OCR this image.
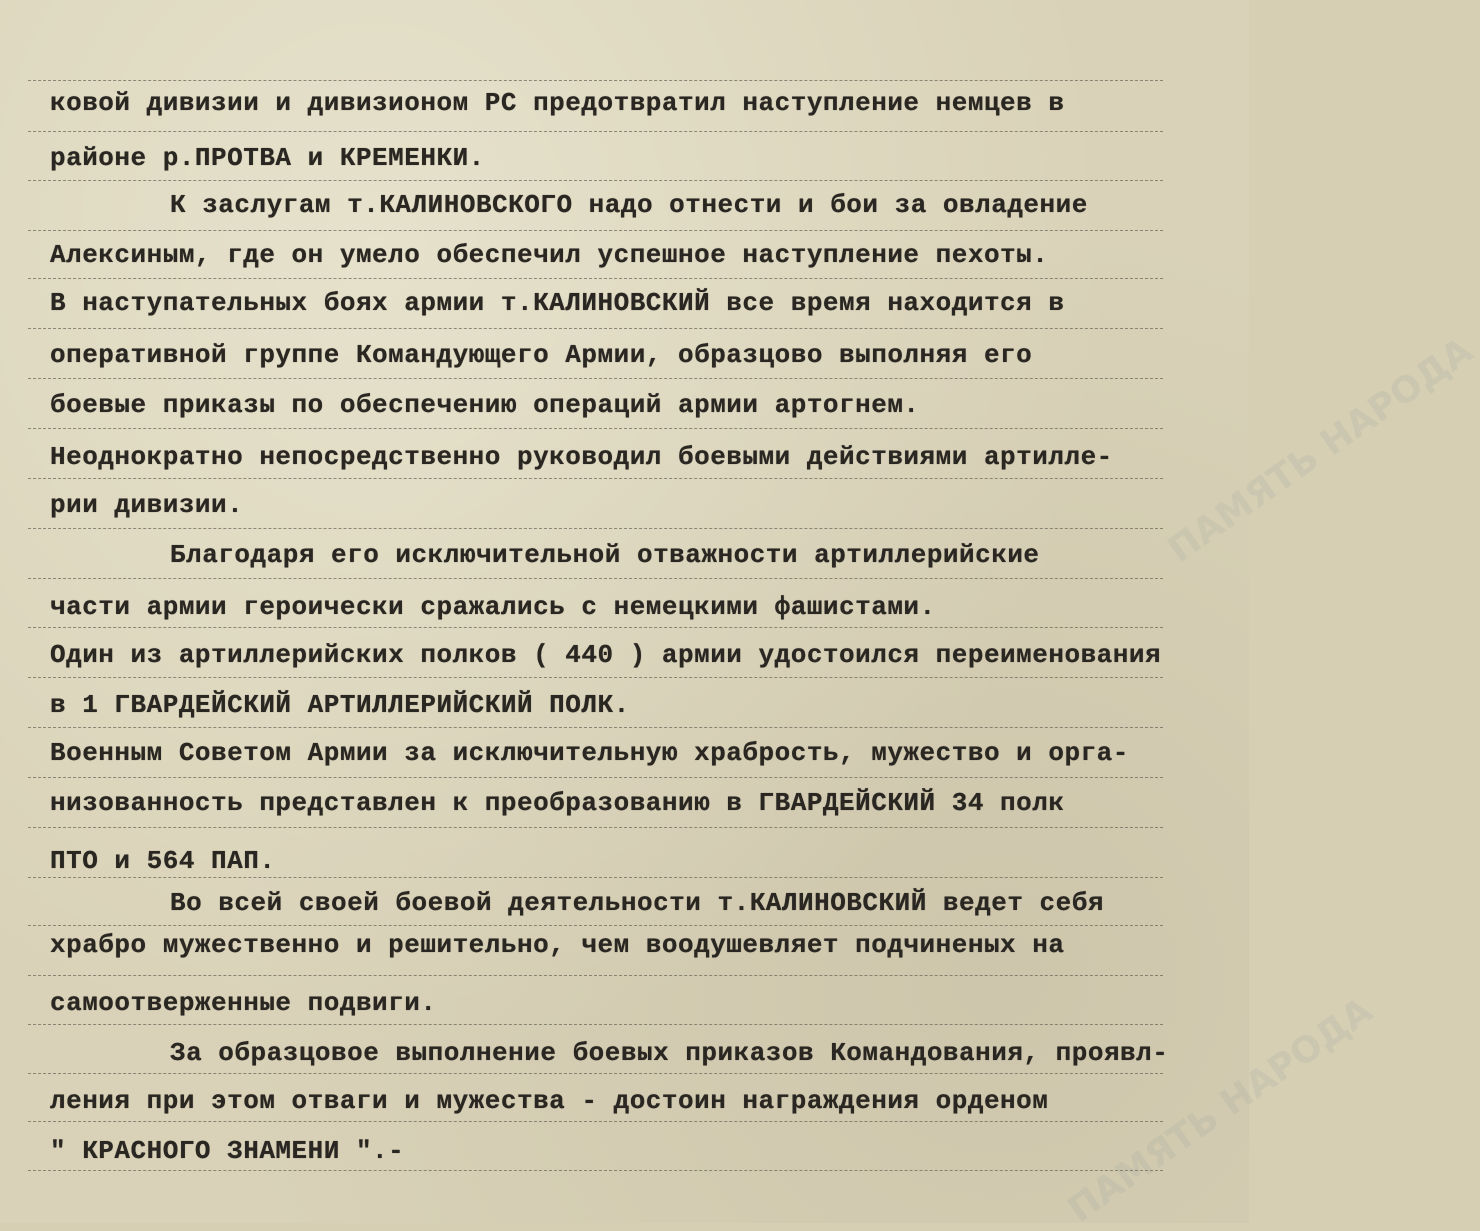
ПАМЯТЬ НАРОДА
ПАМЯТЬ НАРОДА
ковой дивизии и дивизионом РС предотвратил наступление немцев в
районе р.ПРОТВА и КРЕМЕНКИ.
К заслугам т.КАЛИНОВСКОГО надо отнести и бои за овладение
Алексиным, где он умело обеспечил успешное наступление пехоты.
В наступательных боях армии т.КАЛИНОВСКИЙ все время находится в
оперативной группе Командующего Армии, образцово выполняя его
боевые приказы по обеспечению операций армии артогнем.
Неоднократно непосредственно руководил боевыми действиями артилле-
рии дивизии.
Благодаря его исключительной отважности артиллерийские
части армии героически сражались с немецкими фашистами.
Один из артиллерийских полков ( 440 ) армии удостоился переименования
в 1 ГВАРДЕЙСКИЙ АРТИЛЛЕРИЙСКИЙ ПОЛК.
Военным Советом Армии за исключительную храбрость, мужество и орга-
низованность представлен к преобразованию в ГВАРДЕЙСКИЙ 34 полк
ПТО и 564 ПАП.
Во всей своей боевой деятельности т.КАЛИНОВСКИЙ ведет себя
храбро мужественно и решительно, чем воодушевляет подчиненых на
самоотверженные подвиги.
За образцовое выполнение боевых приказов Командования, проявл-
ления при этом отваги и мужества - достоин награждения орденом
" КРАСНОГО ЗНАМЕНИ ".-
